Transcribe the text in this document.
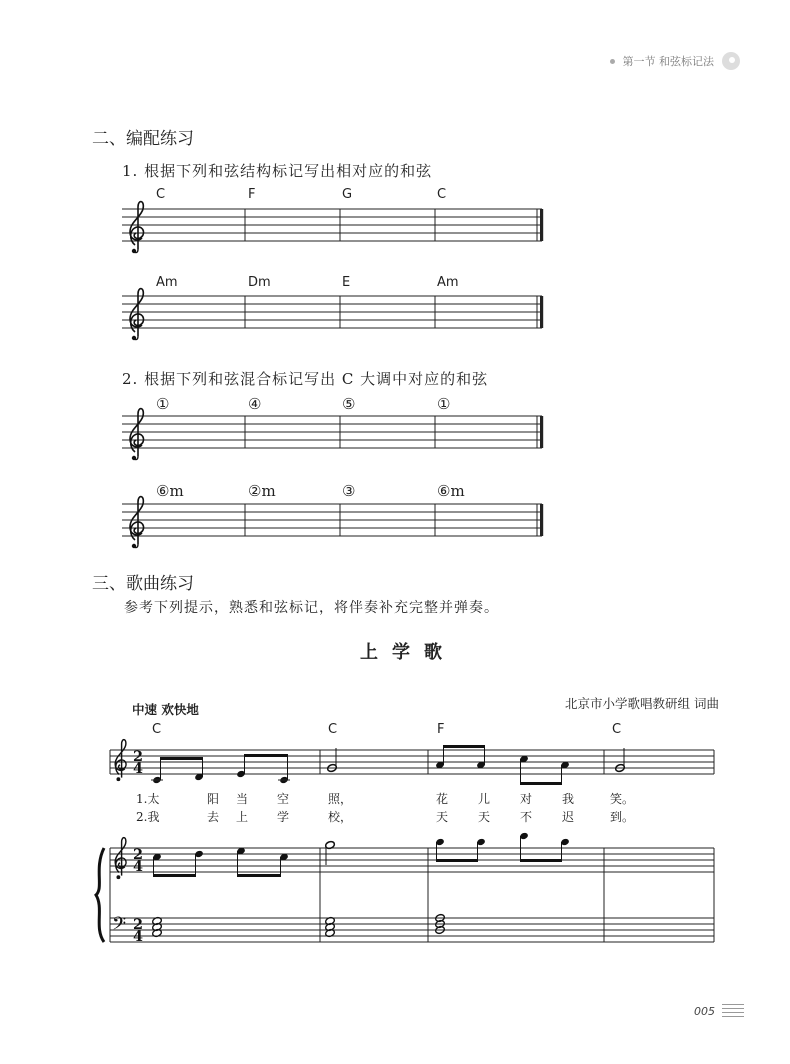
第一节 和弦标记法
二、编配练习
1. 根据下列和弦结构标记写出相对应的和弦
C	F	G	C
Am	Dm	E	Am
2. 根据下列和弦混合标记写出 C 大调中对应的和弦
①	④	⑤	①
⑥m	②m	③	⑥m
三、歌曲练习
参考下列提示，熟悉和弦标记，将伴奏补充完整并弹奏。
上学歌
北京市小学歌唱教研组 词曲
中速 欢快地
C	C	F	C
2
4
𝄢
2
4
2
4
1.太	阳 当 空	照，	花 儿 对 我	笑。
2.我	去 上 学	校，	天 天 不 迟	到。
005
